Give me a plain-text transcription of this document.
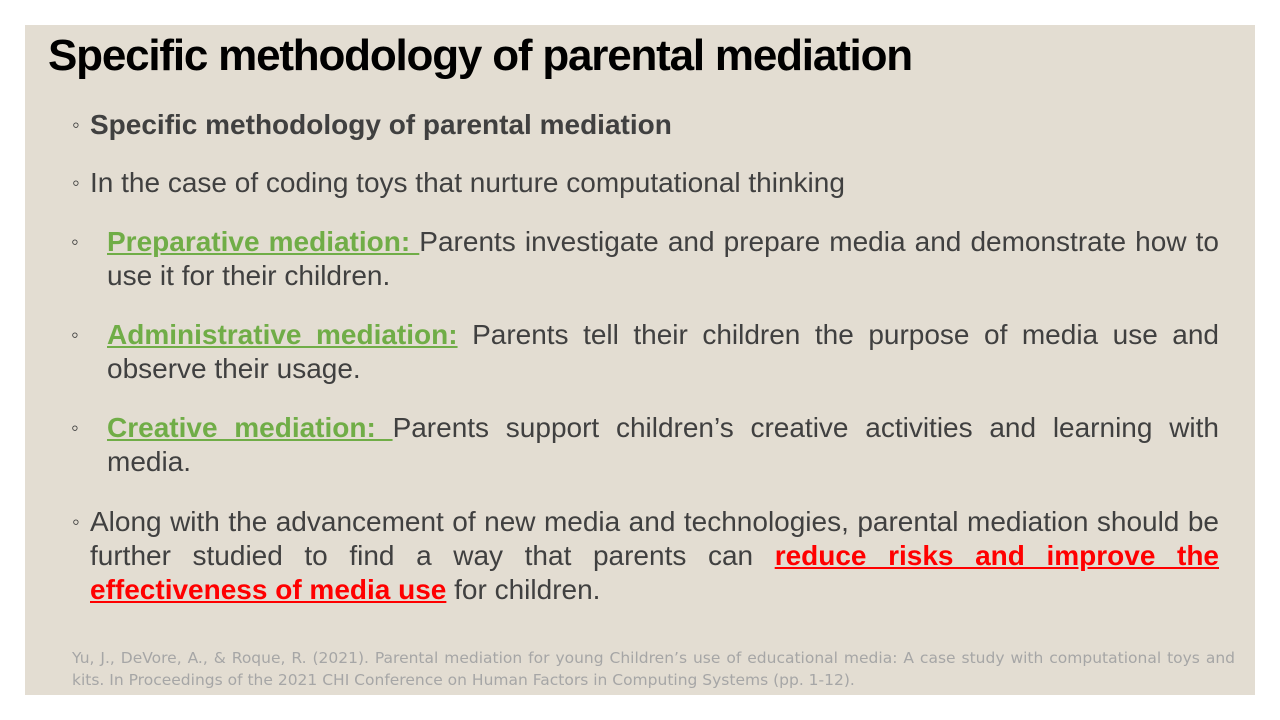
Specific methodology of parental mediation
◦ Specific methodology of parental mediation
◦ In the case of coding toys that nurture computational thinking
◦ Preparative mediation: Parents investigate and prepare media and demonstrate how to use it for their children.
◦ Administrative mediation: Parents tell their children the purpose of media use and observe their usage.
◦ Creative mediation: Parents support children’s creative activities and learning with media.
◦ Along with the advancement of new media and technologies, parental mediation should be further studied to find a way that parents can reduce risks and improve the effectiveness of media use for children.
Yu, J., DeVore, A., & Roque, R. (2021). Parental mediation for young Children’s use of educational media: A case study with computational toys and kits. In Proceedings of the 2021 CHI Conference on Human Factors in Computing Systems (pp. 1-12).
